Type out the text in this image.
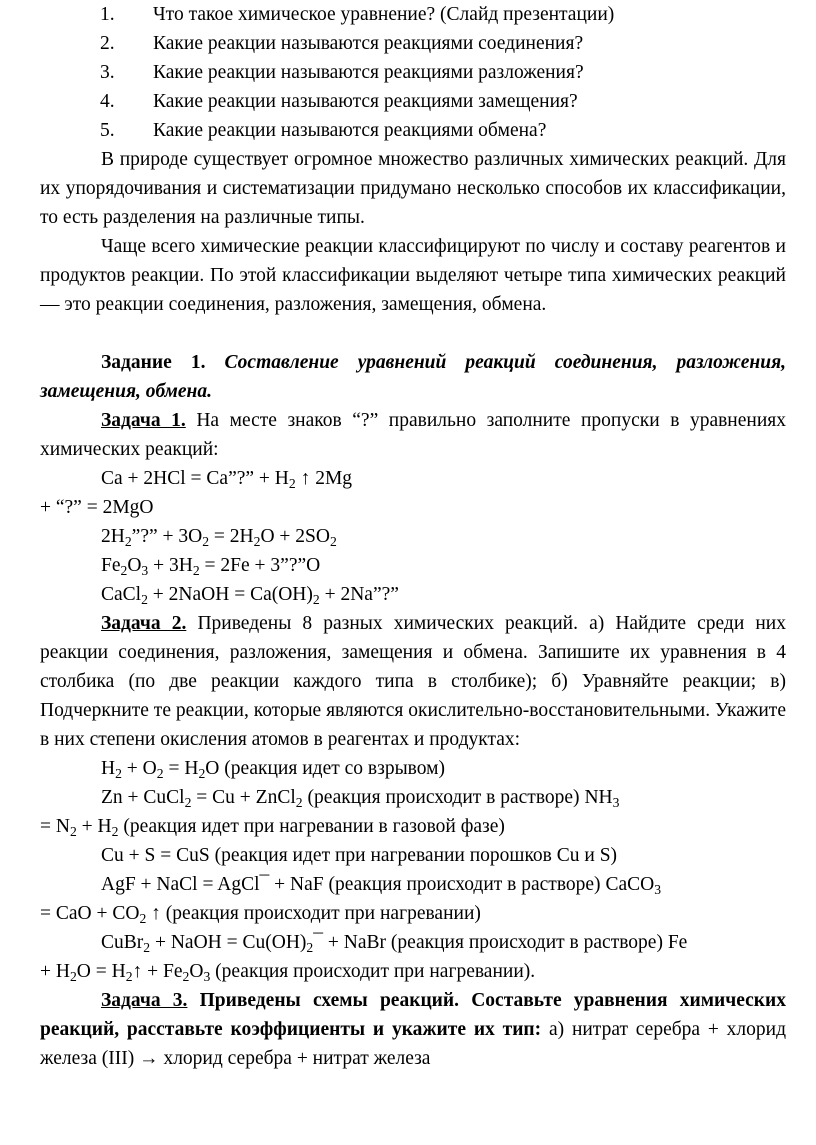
1. Что такое химическое уравнение? (Слайд презентации)
2. Какие реакции называются реакциями соединения?
3. Какие реакции называются реакциями разложения?
4. Какие реакции называются реакциями замещения?
5. Какие реакции называются реакциями обмена?

В природе существует огромное множество различных химических реакций. Для их упорядочивания и систематизации придумано несколько способов их классификации, то есть разделения на различные типы.

Чаще всего химические реакции классифицируют по числу и составу реагентов и продуктов реакции. По этой классификации выделяют четыре типа химических реакций — это реакции соединения, разложения, замещения, обмена.

Задание 1. Составление уравнений реакций соединения, разложения, замещения, обмена.

Задача 1. На месте знаков “?” правильно заполните пропуски в уравнениях химических реакций:

Ca + 2HCl = Ca”?” + $H_2$ ↑ 2Mg
+ “?” = 2MgO
$2H_2$”?” + $3O_2 = 2H_2O + 2SO_2$
$Fe_2O_3 + 3H_2 = 2Fe$ + 3”?”O
CaCl$_2$ + 2NaOH = $Ca(OH)_2 + 2Na$”?”

Задача 2. Приведены 8 разных химических реакций. а) Найдите среди них реакции соединения, разложения, замещения и обмена. Запишите их уравнения в 4 столбика (по две реакции каждого типа в столбике); б) Уравняйте реакции; в) Подчеркните те реакции, которые являются окислительно-восстановительными. Укажите в них степени окисления атомов в реагентах и продуктах:

$H_2 + O_2 = H_2O$ (реакция идет со взрывом)
Zn + CuCl$_2$ = Cu + ZnCl$_2$ (реакция происходит в растворе) $NH_3$
= $N_2 + H_2$ (реакция идет при нагревании в газовой фазе)
Cu + S = CuS (реакция идет при нагревании порошков Cu и S)
AgF + NaCl = AgCl¯ + NaF (реакция происходит в растворе) CaCO$_3$
= CaO + $CO_2$ ↑ (реакция происходит при нагревании)
CuBr$_2$ + NaOH = $Cu(OH)_2¯$ + NaBr (реакция происходит в растворе) Fe
+ $H_2O$ = $H_2↑ + Fe_2O_3$ (реакция происходит при нагревании).

Задача 3. Приведены схемы реакций. Составьте уравнения химических реакций, расставьте коэффициенты и укажите их тип: а) нитрат серебра + хлорид железа (III) → хлорид серебра + нитрат железа
